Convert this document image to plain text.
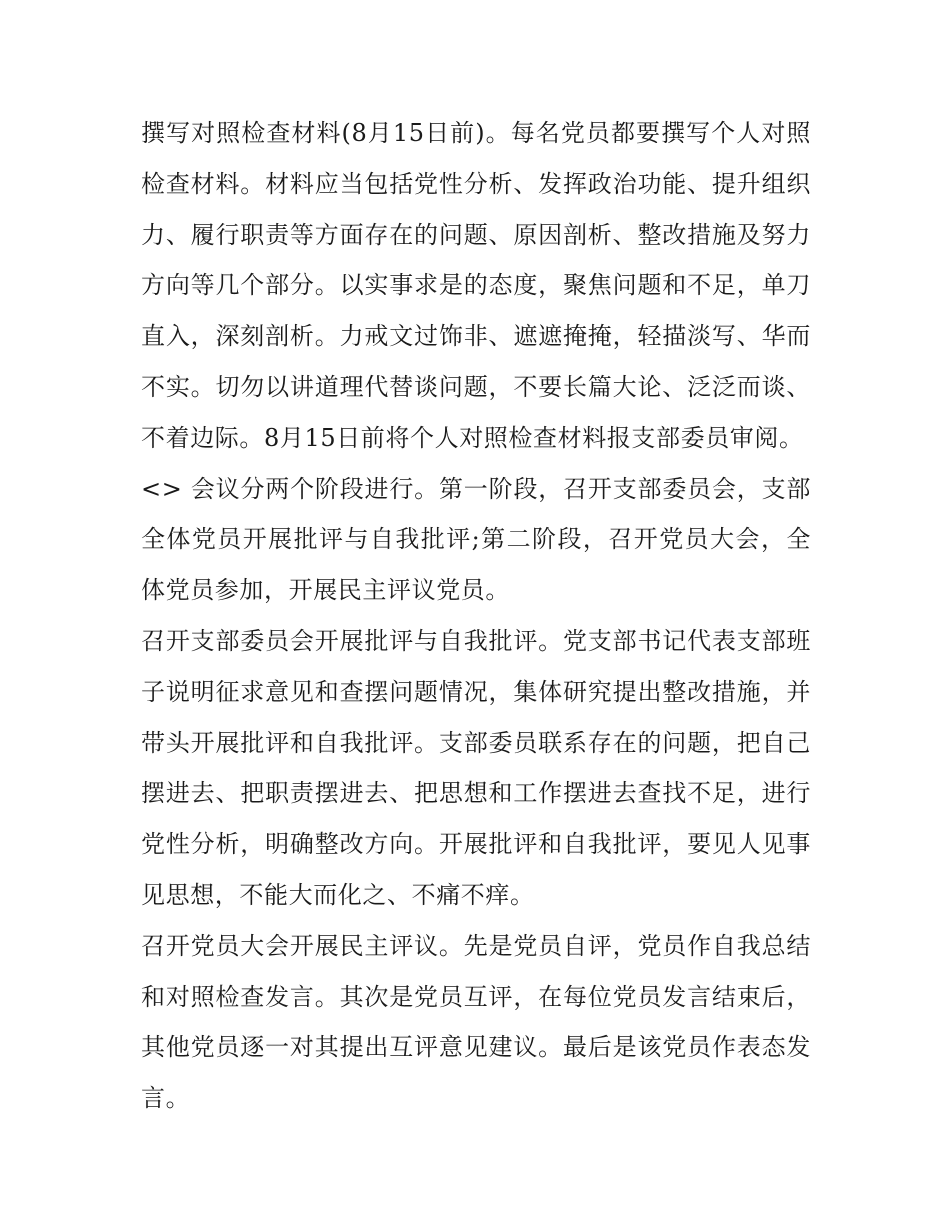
撰写对照检查材料(8月15日前)。每名党员都要撰写个人对照检查材料。材料应当包括党性分析、发挥政治功能、提升组织力、履行职责等方面存在的问题、原因剖析、整改措施及努力方向等几个部分。以实事求是的态度，聚焦问题和不足，单刀直入，深刻剖析。力戒文过饰非、遮遮掩掩，轻描淡写、华而不实。切勿以讲道理代替谈问题，不要长篇大论、泛泛而谈、不着边际。8月15日前将个人对照检查材料报支部委员审阅。

<> 会议分两个阶段进行。第一阶段，召开支部委员会，支部全体党员开展批评与自我批评;第二阶段，召开党员大会，全体党员参加，开展民主评议党员。

召开支部委员会开展批评与自我批评。党支部书记代表支部班子说明征求意见和查摆问题情况，集体研究提出整改措施，并带头开展批评和自我批评。支部委员联系存在的问题，把自己摆进去、把职责摆进去、把思想和工作摆进去查找不足，进行党性分析，明确整改方向。开展批评和自我批评，要见人见事见思想，不能大而化之、不痛不痒。

召开党员大会开展民主评议。先是党员自评，党员作自我总结和对照检查发言。其次是党员互评，在每位党员发言结束后，其他党员逐一对其提出互评意见建议。最后是该党员作表态发言。
